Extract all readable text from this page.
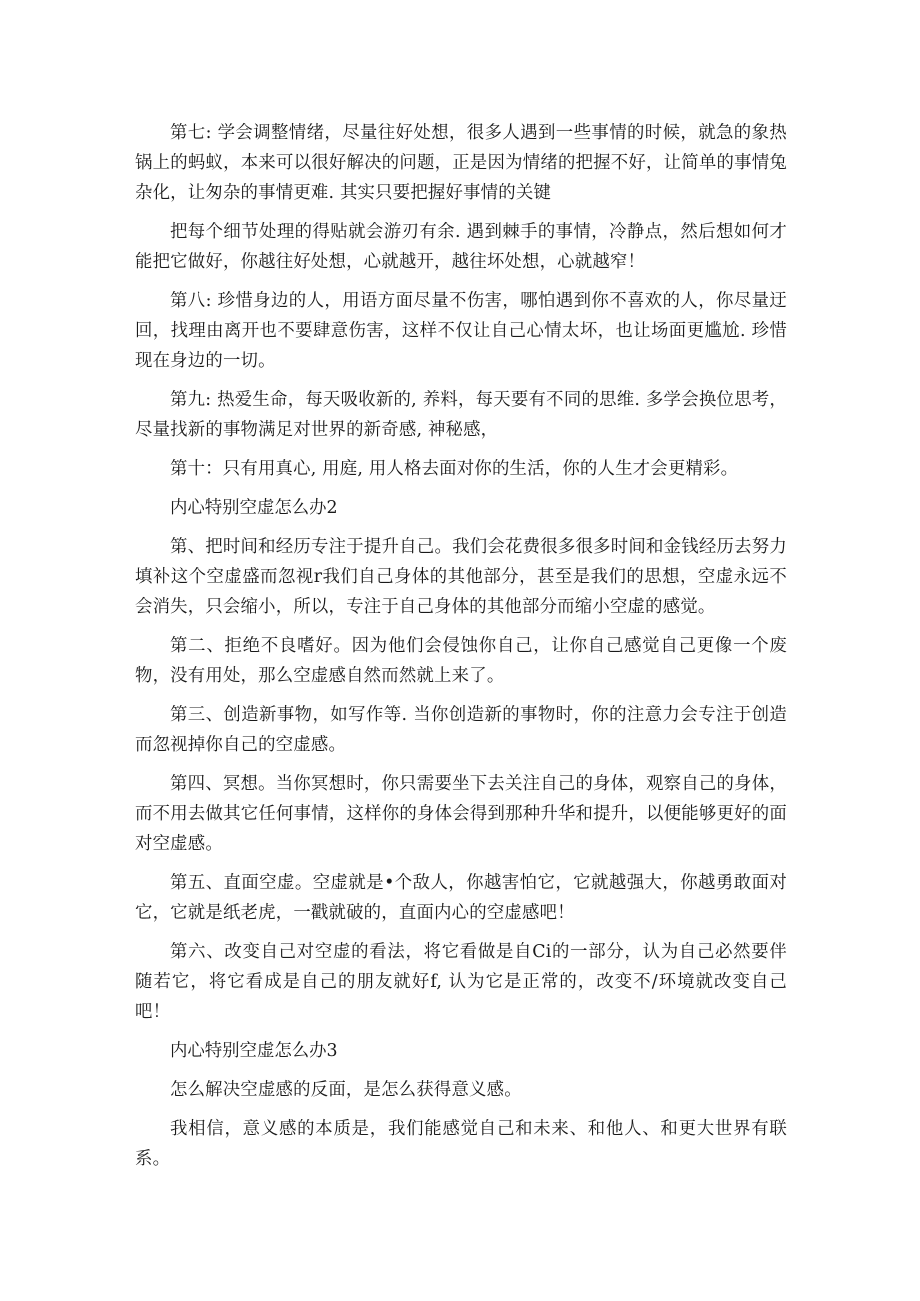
第七: 学会调整情绪，尽量往好处想，很多人遇到一些事情的时候，就急的象热锅上的蚂蚁，本来可以很好解决的问题，正是因为情绪的把握不好，让简单的事情兔杂化，让匆杂的事情更难. 其实只要把握好事情的关键

把每个细节处理的得贴就会游刃有余. 遇到棘手的事情，冷静点，然后想如何才能把它做好，你越往好处想，心就越开，越往坏处想，心就越窄！

第八: 珍惜身边的人，用语方面尽量不伤害，哪怕遇到你不喜欢的人，你尽量迂回，找理由离开也不要肆意伤害，这样不仅让自己心情太坏，也让场面更尴尬. 珍惜现在身边的一切。

第九: 热爱生命，每天吸收新的, 养料，每天要有不同的思维. 多学会换位思考，尽量找新的事物满足对世界的新奇感, 神秘感，

第十：只有用真心, 用庭, 用人格去面对你的生活，你的人生才会更精彩。

内心特别空虚怎么办2

第、把时间和经历专注于提升自己。我们会花费很多很多时间和金钱经历去努力填补这个空虚盛而忽视r我们自己身体的其他部分，甚至是我们的思想，空虚永远不会消失，只会缩小，所以，专注于自己身体的其他部分而缩小空虚的感觉。

第二、拒绝不良嗜好。因为他们会侵蚀你自己，让你自己感觉自己更像一个废物，没有用处，那么空虚感自然而然就上来了。

第三、创造新事物，如写作等. 当你创造新的事物时，你的注意力会专注于创造而忽视掉你自己的空虚感。

第四、冥想。当你冥想时，你只需要坐下去关注自己的身体，观察自己的身体，而不用去做其它任何事情，这样你的身体会得到那种升华和提升，以便能够更好的面对空虚感。

第五、直面空虚。空虚就是•个敌人，你越害怕它，它就越强大，你越勇敢面对它，它就是纸老虎，一戳就破的，直面内心的空虚感吧！

第六、改变自己对空虚的看法，将它看做是自Ci的一部分，认为自己必然要伴随若它，将它看成是自己的朋友就好f, 认为它是正常的，改变不/环境就改变自己吧！

内心特别空虚怎么办3

怎么解决空虚感的反面，是怎么获得意义感。

我相信，意义感的本质是，我们能感觉自己和未来、和他人、和更大世界有联系。
